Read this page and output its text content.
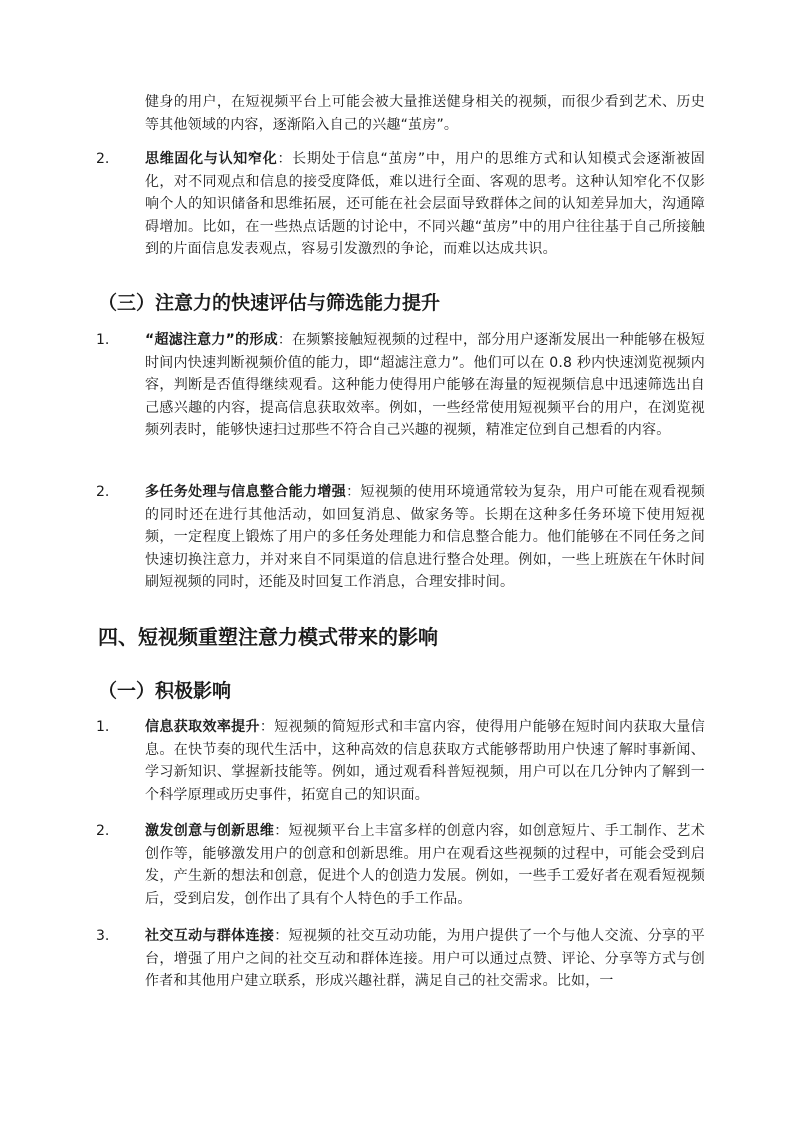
健身的用户，在短视频平台上可能会被大量推送健身相关的视频，而很少看到艺术、历史等其他领域的内容，逐渐陷入自己的兴趣“茧房”。

2.	思维固化与认知窄化：长期处于信息“茧房”中，用户的思维方式和认知模式会逐渐被固化，对不同观点和信息的接受度降低，难以进行全面、客观的思考。这种认知窄化不仅影响个人的知识储备和思维拓展，还可能在社会层面导致群体之间的认知差异加大，沟通障碍增加。比如，在一些热点话题的讨论中，不同兴趣“茧房”中的用户往往基于自己所接触到的片面信息发表观点，容易引发激烈的争论，而难以达成共识。

（三）注意力的快速评估与筛选能力提升
1.	“超滤注意力”的形成：在频繁接触短视频的过程中，部分用户逐渐发展出一种能够在极短时间内快速判断视频价值的能力，即“超滤注意力”。他们可以在 0.8 秒内快速浏览视频内容，判断是否值得继续观看。这种能力使得用户能够在海量的短视频信息中迅速筛选出自己感兴趣的内容，提高信息获取效率。例如，一些经常使用短视频平台的用户，在浏览视频列表时，能够快速扫过那些不符合自己兴趣的视频，精准定位到自己想看的内容。

2.	多任务处理与信息整合能力增强：短视频的使用环境通常较为复杂，用户可能在观看视频的同时还在进行其他活动，如回复消息、做家务等。长期在这种多任务环境下使用短视频，一定程度上锻炼了用户的多任务处理能力和信息整合能力。他们能够在不同任务之间快速切换注意力，并对来自不同渠道的信息进行整合处理。例如，一些上班族在午休时间刷短视频的同时，还能及时回复工作消息，合理安排时间。

四、短视频重塑注意力模式带来的影响
（一）积极影响
1.	信息获取效率提升：短视频的简短形式和丰富内容，使得用户能够在短时间内获取大量信息。在快节奏的现代生活中，这种高效的信息获取方式能够帮助用户快速了解时事新闻、学习新知识、掌握新技能等。例如，通过观看科普短视频，用户可以在几分钟内了解到一个科学原理或历史事件，拓宽自己的知识面。

2.	激发创意与创新思维：短视频平台上丰富多样的创意内容，如创意短片、手工制作、艺术创作等，能够激发用户的创意和创新思维。用户在观看这些视频的过程中，可能会受到启发，产生新的想法和创意，促进个人的创造力发展。例如，一些手工爱好者在观看短视频后，受到启发，创作出了具有个人特色的手工作品。

3.	社交互动与群体连接：短视频的社交互动功能，为用户提供了一个与他人交流、分享的平台，增强了用户之间的社交互动和群体连接。用户可以通过点赞、评论、分享等方式与创作者和其他用户建立联系，形成兴趣社群，满足自己的社交需求。比如，一
